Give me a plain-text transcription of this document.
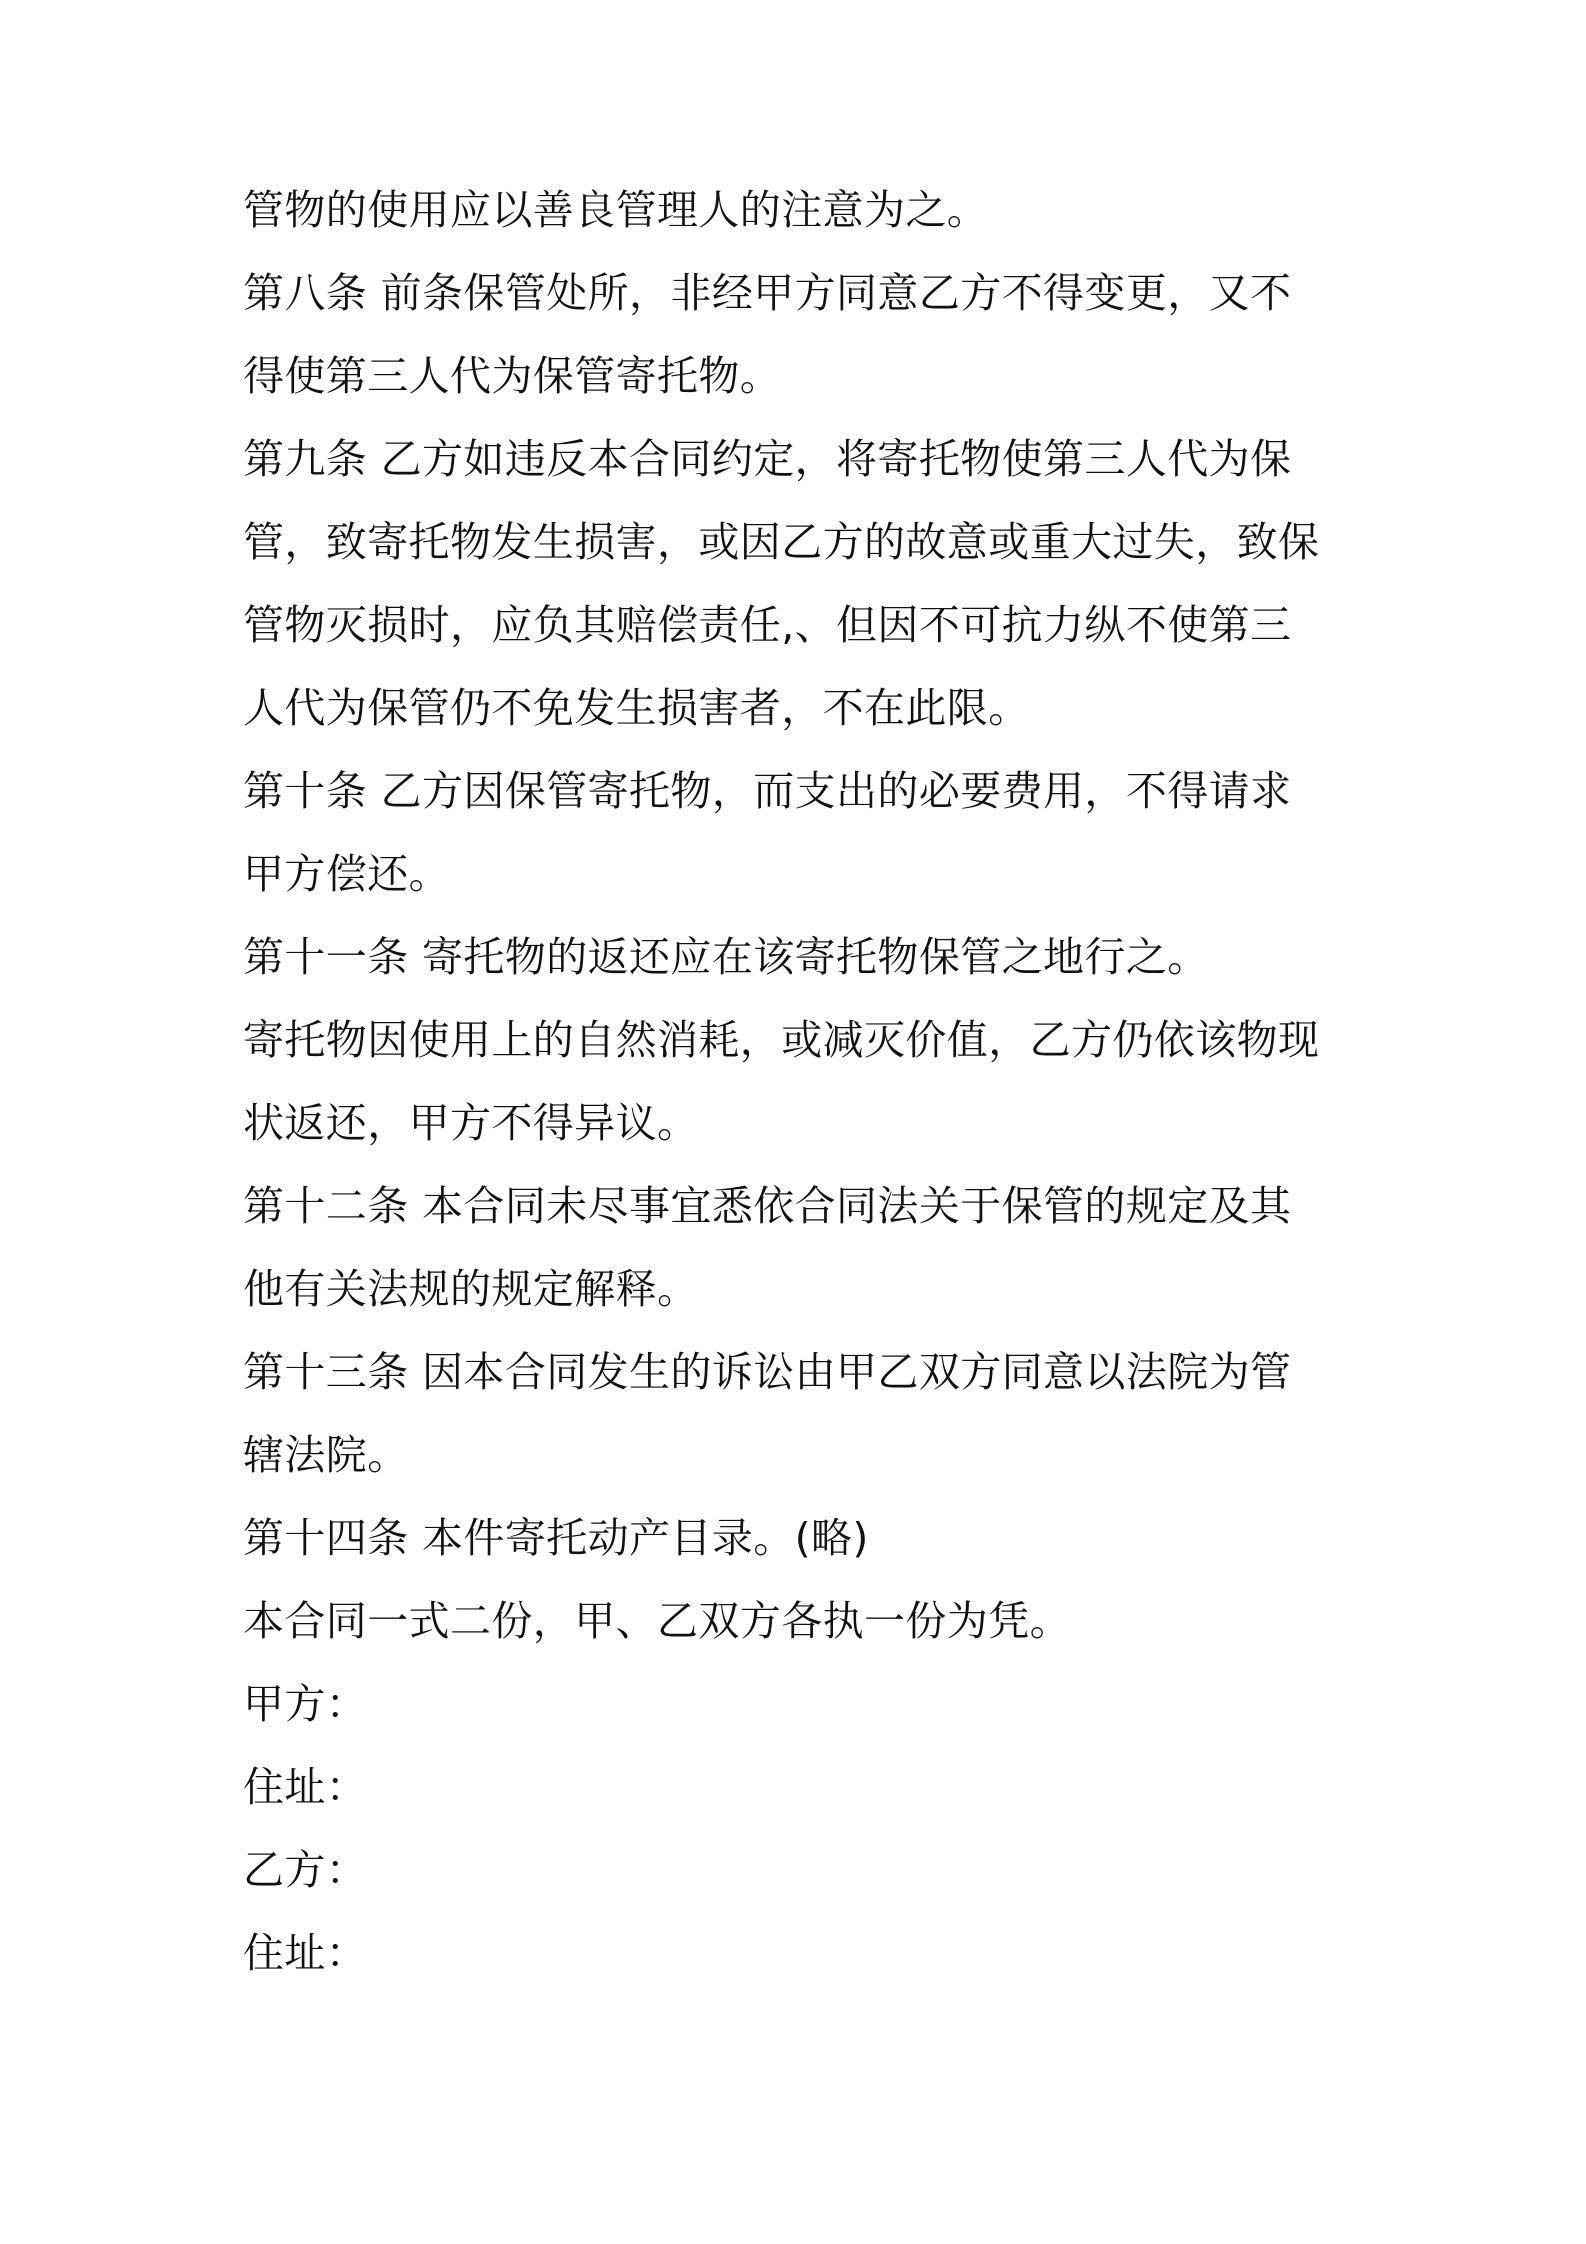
管物的使用应以善良管理人的注意为之。
第八条 前条保管处所，非经甲方同意乙方不得变更，又不
得使第三人代为保管寄托物。
第九条 乙方如违反本合同约定，将寄托物使第三人代为保
管，致寄托物发生损害，或因乙方的故意或重大过失，致保
管物灭损时，应负其赔偿责任,、但因不可抗力纵不使第三
人代为保管仍不免发生损害者，不在此限。
第十条 乙方因保管寄托物，而支出的必要费用，不得请求
甲方偿还。
第十一条 寄托物的返还应在该寄托物保管之地行之。
寄托物因使用上的自然消耗，或减灭价值，乙方仍依该物现
状返还，甲方不得异议。
第十二条 本合同未尽事宜悉依合同法关于保管的规定及其
他有关法规的规定解释。
第十三条 因本合同发生的诉讼由甲乙双方同意以法院为管
辖法院。
第十四条 本件寄托动产目录。(略)
本合同一式二份，甲、乙双方各执一份为凭。
甲方：
住址：
乙方：
住址：
